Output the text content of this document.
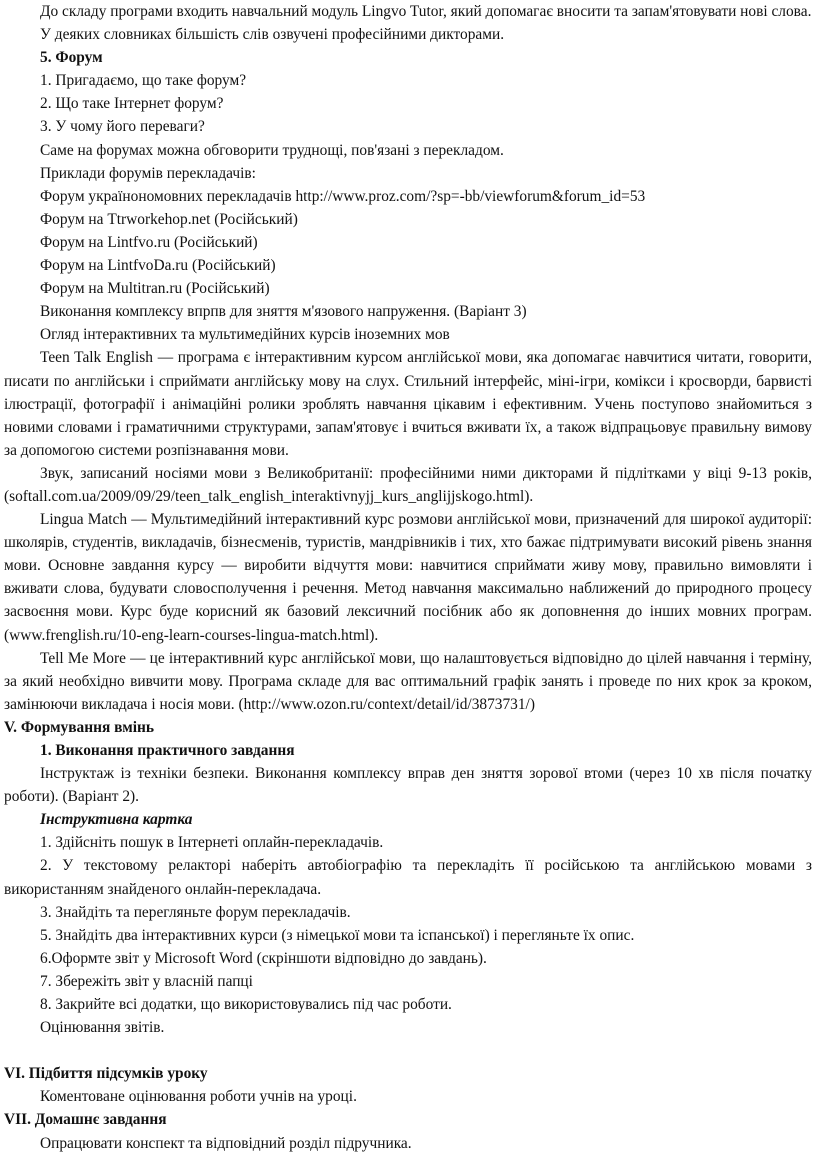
До складу програми входить навчальний модуль Lingvo Tutor, який допомагає вносити та запам'ятовувати нові слова.

У деяких словниках більшість слів озвучені професійними дикторами.

5. Форум

1. Пригадаємо, що таке форум?

2. Що таке Інтернет форум?

3. У чому його переваги?

Саме на форумах можна обговорити труднощі, пов'язані з перекладом.

Приклади форумів перекладачів:

Форум українономовних перекладачів http://www.proz.com/?sp=-bb/viewforum&forum_id=53

Форум на Ttrworkehop.net (Російський)

Форум на Lintfvo.ru (Російський)

Форум на LintfvoDa.ru (Російський)

Форум на Multitran.ru (Російський)

Виконання комплексу впрпв для зняття м'язового напруження. (Варіант 3)

Огляд інтерактивних та мультимедійних курсів іноземних мов

Teen Talk English — програма є інтерактивним курсом англійської мови, яка допомагає навчитися читати, говорити, писати по англійськи і сприймати англійську мову на слух. Стильний інтерфейс, міні-ігри, комікси і кросворди, барвисті ілюстрації, фотографії і анімаційні ролики зроблять навчання цікавим і ефективним. Учень поступово знайомиться з новими словами і граматичними структурами, запам'ятовує і вчиться вживати їх, а також відпрацьовує правильну вимову за допомогою системи розпізнавання мови.

Звук, записаний носіями мови з Великобританії: професійними ними дикторами й підлітками у віці 9-13 років, (softall.com.ua/2009/09/29/teen_talk_english_interaktivnyjj_kurs_anglijjskogo.html).

Lingua Match — Мультимедійний інтерактивний курс розмови англійської мови, призначений для широкої аудиторії: школярів, студентів, викладачів, бізнесменів, туристів, мандрівників і тих, хто бажає підтримувати високий рівень знання мови. Основне завдання курсу — виробити відчуття мови: навчитися сприймати живу мову, правильно вимовляти і вживати слова, будувати словосполучення і речення. Метод навчання максимально наближений до природного процесу засвоєння мови. Курс буде корисний як базовий лексичний посібник або як доповнення до інших мовних програм. (www.frenglish.ru/10-eng-learn-courses-lingua-match.html).

Tell Me More — це інтерактивний курс англійської мови, що налаштовується відповідно до цілей навчання і терміну, за який необхідно вивчити мову. Програма складе для вас оптимальний графік занять і проведе по них крок за кроком, замінюючи викладача і носія мови. (http://www.ozon.ru/context/detail/id/3873731/)

V. Формування вмінь

1. Виконання практичного завдання

Інструктаж із техніки безпеки. Виконання комплексу вправ ден зняття зорової втоми (через 10 хв після початку роботи). (Варіант 2).

Інструктивна картка

1. Здійсніть пошук в Інтернеті оплайн-перекладачів.

2. У текстовому релакторі наберіть автобіографію та перекладіть її російською та англійською мовами з використанням знайденого онлайн-перекладача.

3. Знайдіть та перегляньте форум перекладачів.

5. Знайдіть два інтерактивних курси (з німецької мови та іспанської) і перегляньте їх опис.

6.Оформте звіт у Microsoft Word (скріншоти відповідно до завдань).

7. Збережіть звіт у власній папці

8. Закрийте всі додатки, що використовувались під час роботи.

Оцінювання звітів.

VI. Підбиття підсумків уроку

Коментоване оцінювання роботи учнів на уроці.

VII. Домашнє завдання

Опрацювати конспект та відповідний розділ підручника.
